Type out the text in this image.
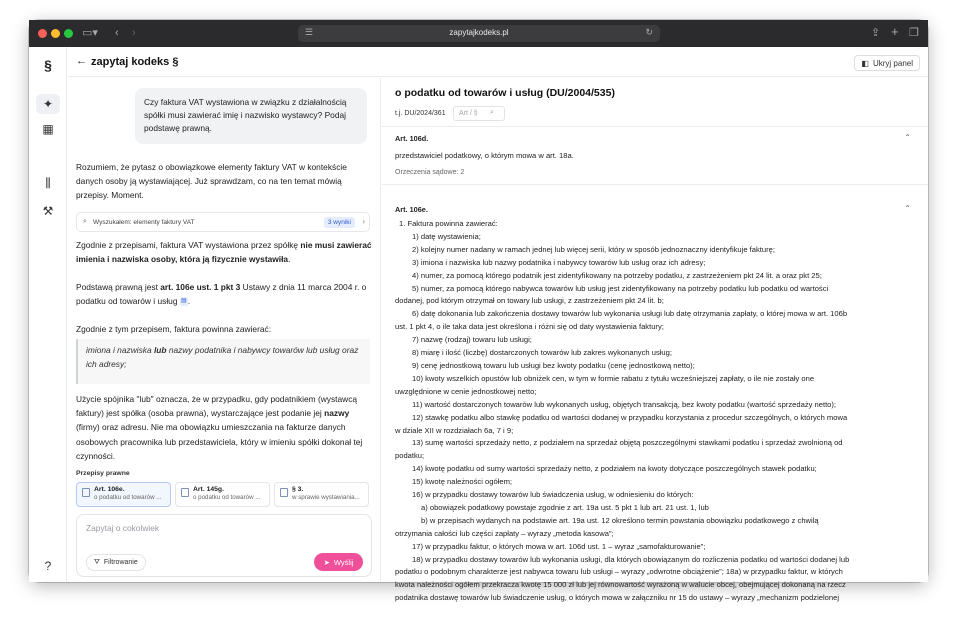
▭▾ ‹ ›	☰	zapytajkodeks.pl	↻	⇪ + ❐
§
✦
▦
⫼
⚒
?
← zapytaj kodeks §	◧ Ukryj panel
Czy faktura VAT wystawiona w związku z działalnością spółki musi zawierać imię i nazwisko wystawcy? Podaj podstawę prawną.
Rozumiem, że pytasz o obowiązkowe elementy faktury VAT w kontekście danych osoby ją wystawiającej. Już sprawdzam, co na ten temat mówią przepisy. Moment.
⌕ Wyszukałem: elementy faktury VAT	3 wyniki	›
Zgodnie z przepisami, faktura VAT wystawiona przez spółkę nie musi zawierać imienia i nazwiska osoby, która ją fizycznie wystawiła.
Podstawą prawną jest art. 106e ust. 1 pkt 3 Ustawy z dnia 11 marca 2004 r. o podatku od towarów i usług ▤.
Zgodnie z tym przepisem, faktura powinna zawierać:
imiona i nazwiska lub nazwy podatnika i nabywcy towarów lub usług oraz ich adresy;
Użycie spójnika "lub" oznacza, że w przypadku, gdy podatnikiem (wystawcą faktury) jest spółka (osoba prawna), wystarczające jest podanie jej nazwy (firmy) oraz adresu. Nie ma obowiązku umieszczania na fakturze danych osobowych pracownika lub przedstawiciela, który w imieniu spółki dokonał tej czynności.
Przepisy prawne
Art. 106e.
o podatku od towarów ...
Art. 145g.
o podatku od towarów ...
§ 3.
w sprawie wystawiania...
Zapytaj o cokolwiek
⛛ Filtrowanie	➤ Wyślij
o podatku od towarów i usług (DU/2004/535)
t.j. DU/2024/361	Art / §	⌕
Art. 106d.	⌃
przedstawiciel podatkowy, o którym mowa w art. 18a.
Orzeczenia sądowe: 2
Art. 106e.	⌃
1. Faktura powinna zawierać:
1) datę wystawienia;
2) kolejny numer nadany w ramach jednej lub więcej serii, który w sposób jednoznaczny identyfikuje fakturę;
3) imiona i nazwiska lub nazwy podatnika i nabywcy towarów lub usług oraz ich adresy;
4) numer, za pomocą którego podatnik jest zidentyfikowany na potrzeby podatku, z zastrzeżeniem pkt 24 lit. a oraz pkt 25;
5) numer, za pomocą którego nabywca towarów lub usług jest zidentyfikowany na potrzeby podatku lub podatku od wartości
dodanej, pod którym otrzymał on towary lub usługi, z zastrzeżeniem pkt 24 lit. b;
6) datę dokonania lub zakończenia dostawy towarów lub wykonania usługi lub datę otrzymania zapłaty, o której mowa w art. 106b
ust. 1 pkt 4, o ile taka data jest określona i różni się od daty wystawienia faktury;
7) nazwę (rodzaj) towaru lub usługi;
8) miarę i ilość (liczbę) dostarczonych towarów lub zakres wykonanych usług;
9) cenę jednostkową towaru lub usługi bez kwoty podatku (cenę jednostkową netto);
10) kwoty wszelkich opustów lub obniżek cen, w tym w formie rabatu z tytułu wcześniejszej zapłaty, o ile nie zostały one
uwzględnione w cenie jednostkowej netto;
11) wartość dostarczonych towarów lub wykonanych usług, objętych transakcją, bez kwoty podatku (wartość sprzedaży netto);
12) stawkę podatku albo stawkę podatku od wartości dodanej w przypadku korzystania z procedur szczególnych, o których mowa
w dziale XII w rozdziałach 6a, 7 i 9;
13) sumę wartości sprzedaży netto, z podziałem na sprzedaż objętą poszczególnymi stawkami podatku i sprzedaż zwolnioną od
podatku;
14) kwotę podatku od sumy wartości sprzedaży netto, z podziałem na kwoty dotyczące poszczególnych stawek podatku;
15) kwotę należności ogółem;
16) w przypadku dostawy towarów lub świadczenia usług, w odniesieniu do których:
a) obowiązek podatkowy powstaje zgodnie z art. 19a ust. 5 pkt 1 lub art. 21 ust. 1, lub
b) w przepisach wydanych na podstawie art. 19a ust. 12 określono termin powstania obowiązku podatkowego z chwilą
otrzymania całości lub części zapłaty – wyrazy „metoda kasowa”;
17) w przypadku faktur, o których mowa w art. 106d ust. 1 – wyraz „samofakturowanie”;
18) w przypadku dostawy towarów lub wykonania usługi, dla których obowiązanym do rozliczenia podatku od wartości dodanej lub
podatku o podobnym charakterze jest nabywca towaru lub usługi – wyrazy „odwrotne obciążenie”; 18a) w przypadku faktur, w których
kwota należności ogółem przekracza kwotę 15 000 zł lub jej równowartość wyrażoną w walucie obcej, obejmującej dokonaną na rzecz
podatnika dostawę towarów lub świadczenie usług, o których mowa w załączniku nr 15 do ustawy – wyrazy „mechanizm podzielonej
